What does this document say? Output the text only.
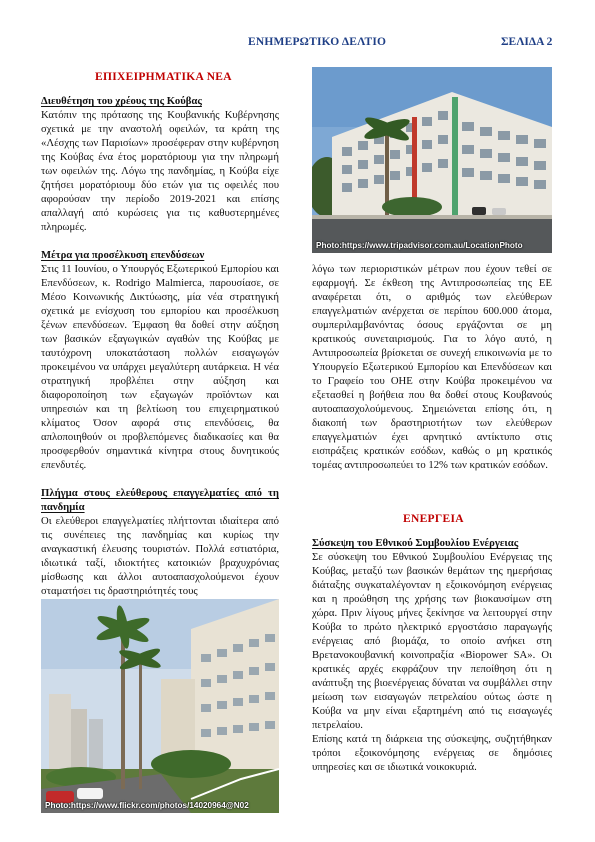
ΕΝΗΜΕΡΩΤΙΚΟ ΔΕΛΤΙΟ	ΣΕΛΙΔΑ 2
ΕΠΙΧΕΙΡΗΜΑΤΙΚΑ ΝΕΑ

Διευθέτηση του χρέους της Κούβας

Κατόπιν της πρότασης της Κουβανικής Κυβέρνησης σχετικά με την αναστολή οφειλών, τα κράτη της «Λέσχης των Παρισίων» προσέφεραν στην κυβέρνηση της Κούβας ένα έτος μορατόριουμ για την πληρωμή των οφειλών της. Λόγω της πανδημίας, η Κούβα είχε ζητήσει μορατόριουμ δύο ετών για τις οφειλές που αφορούσαν την περίοδο 2019-2021 και επίσης απαλλαγή από κυρώσεις για τις καθυστερημένες πληρωμές.

Μέτρα για προσέλκυση επενδύσεων

Στις 11 Ιουνίου, ο Υπουργός Εξωτερικού Εμπορίου και Επενδύσεων, κ. Rodrigo Malmierca, παρουσίασε, σε Μέσο Κοινωνικής Δικτύωσης, μία νέα στρατηγική σχετικά με ενίσχυση του εμπορίου και προσέλκυση ξένων επενδύσεων. Έμφαση θα δοθεί στην αύξηση των βασικών εξαγωγικών αγαθών της Κούβας με ταυτόχρονη υποκατάσταση πολλών εισαγωγών προκειμένου να υπάρχει μεγαλύτερη αυτάρκεια. Η νέα στρατηγική προβλέπει στην αύξηση και διαφοροποίηση των εξαγωγών προϊόντων και υπηρεσιών και τη βελτίωση του επιχειρηματικού κλίματος Όσον αφορά στις επενδύσεις, θα απλοποιηθούν οι προβλεπόμενες διαδικασίες και θα προσφερθούν σημαντικά κίνητρα στους δυνητικούς επενδυτές.

Πλήγμα στους ελεύθερους επαγγελματίες από τη πανδημία

Οι ελεύθεροι επαγγελματίες πλήττονται ιδιαίτερα από τις συνέπειες της πανδημίας και κυρίως την αναγκαστική έλευσης τουριστών. Πολλά εστιατόρια, ιδιωτικά ταξί, ιδιοκτήτες κατοικιών βραχυχρόνιας μίσθωσης και άλλοι αυτοαπασχολούμενοι έχουν σταματήσει τις δραστηριότητές τους

Photo:https://www.flickr.com/photos/14020964@N02
Photo:https://www.tripadvisor.com.au/LocationPhoto

λόγω των περιοριστικών μέτρων που έχουν τεθεί σε εφαρμογή. Σε έκθεση της Αντιπροσωπείας της ΕΕ αναφέρεται ότι, ο αριθμός των ελεύθερων επαγγελματιών ανέρχεται σε περίπου 600.000 άτομα, συμπεριλαμβανόντας όσους εργάζονται σε μη κρατικούς συνεταιρισμούς. Για το λόγο αυτό, η Αντιπροσωπεία βρίσκεται σε συνεχή επικοινωνία με το Υπουργείο Εξωτερικού Εμπορίου και Επενδύσεων και το Γραφείο του ΟΗΕ στην Κούβα προκειμένου να εξετασθεί η βοήθεια που θα δοθεί στους Κουβανούς αυτοαπασχολούμενους. Σημειώνεται επίσης ότι, η διακοπή των δραστηριοτήτων των ελεύθερων επαγγελματιών έχει αρνητικό αντίκτυπο στις εισπράξεις κρατικών εσόδων, καθώς ο μη κρατικός τομέας αντιπροσωπεύει το 12% των κρατικών εσόδων.

ΕΝΕΡΓΕΙΑ

Σύσκεψη του Εθνικού Συμβουλίου Ενέργειας

Σε σύσκεψη του Εθνικού Συμβουλίου Ενέργειας της Κούβας, μεταξύ των βασικών θεμάτων της ημερήσιας διάταξης συγκαταλέγονταν η εξοικονόμηση ενέργειας και η προώθηση της χρήσης των βιοκαυσίμων στη χώρα. Πριν λίγους μήνες ξεκίνησε να λειτουργεί στην Κούβα το πρώτο ηλεκτρικό εργοστάσιο παραγωγής ενέργειας από βιομάζα, το οποίο ανήκει στη Βρετανοκουβανική κοινοπραξία «Biopower SA». Οι κρατικές αρχές εκφράζουν την πεποίθηση ότι η ανάπτυξη της βιοενέργειας δύναται να συμβάλλει στην μείωση των εισαγωγών πετρελαίου ούτως ώστε η Κούβα να μην είναι εξαρτημένη από τις εισαγωγές πετρελαίου.

Επίσης κατά τη διάρκεια της σύσκεψης, συζητήθηκαν τρόποι εξοικονόμησης ενέργειας σε δημόσιες υπηρεσίες και σε ιδιωτικά νοικοκυριά.
